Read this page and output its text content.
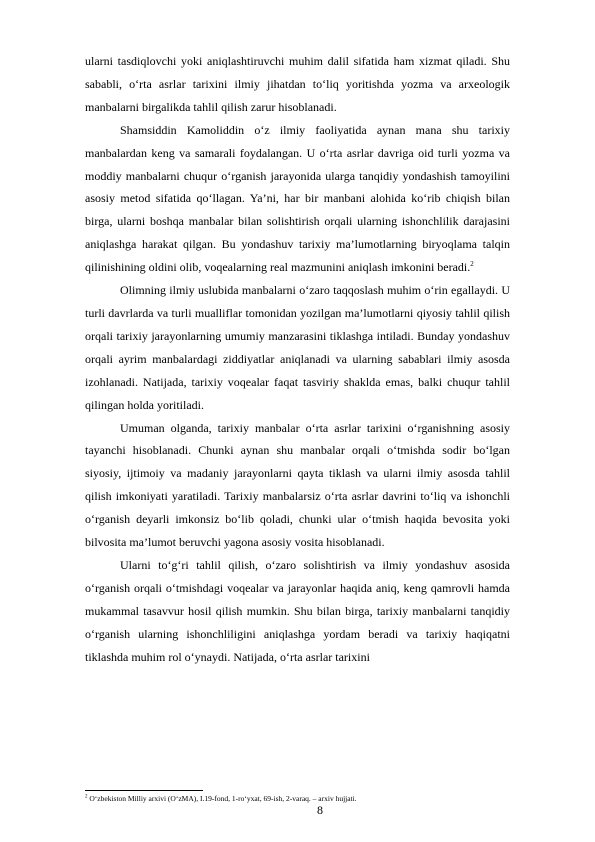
ularni tasdiqlovchi yoki aniqlashtiruvchi muhim dalil sifatida ham xizmat qiladi. Shu sababli, o‘rta asrlar tarixini ilmiy jihatdan to‘liq yoritishda yozma va arxeologik manbalarni birgalikda tahlil qilish zarur hisoblanadi.

Shamsiddin Kamoliddin o‘z ilmiy faoliyatida aynan mana shu tarixiy manbalardan keng va samarali foydalangan. U o‘rta asrlar davriga oid turli yozma va moddiy manbalarni chuqur o‘rganish jarayonida ularga tanqidiy yondashish tamoyilini asosiy metod sifatida qo‘llagan. Ya’ni, har bir manbani alohida ko‘rib chiqish bilan birga, ularni boshqa manbalar bilan solishtirish orqali ularning ishonchlilik darajasini aniqlashga harakat qilgan. Bu yondashuv tarixiy ma’lumotlarning biryoqlama talqin qilinishining oldini olib, voqealarning real mazmunini aniqlash imkonini beradi.$^2$

Olimning ilmiy uslubida manbalarni o‘zaro taqqoslash muhim o‘rin egallaydi. U turli davrlarda va turli mualliflar tomonidan yozilgan ma’lumotlarni qiyosiy tahlil qilish orqali tarixiy jarayonlarning umumiy manzarasini tiklashga intiladi. Bunday yondashuv orqali ayrim manbalardagi ziddiyatlar aniqlanadi va ularning sabablari ilmiy asosda izohlanadi. Natijada, tarixiy voqealar faqat tasviriy shaklda emas, balki chuqur tahlil qilingan holda yoritiladi.

Umuman olganda, tarixiy manbalar o‘rta asrlar tarixini o‘rganishning asosiy tayanchi hisoblanadi. Chunki aynan shu manbalar orqali o‘tmishda sodir bo‘lgan siyosiy, ijtimoiy va madaniy jarayonlarni qayta tiklash va ularni ilmiy asosda tahlil qilish imkoniyati yaratiladi. Tarixiy manbalarsiz o‘rta asrlar davrini to‘liq va ishonchli o‘rganish deyarli imkonsiz bo‘lib qoladi, chunki ular o‘tmish haqida bevosita yoki bilvosita ma’lumot beruvchi yagona asosiy vosita hisoblanadi.

Ularni to‘g‘ri tahlil qilish, o‘zaro solishtirish va ilmiy yondashuv asosida o‘rganish orqali o‘tmishdagi voqealar va jarayonlar haqida aniq, keng qamrovli hamda mukammal tasavvur hosil qilish mumkin. Shu bilan birga, tarixiy manbalarni tanqidiy o‘rganish ularning ishonchliligini aniqlashga yordam beradi va tarixiy haqiqatni tiklashda muhim rol o‘ynaydi. Natijada, o‘rta asrlar tarixini

$^2$ O‘zbekiston Milliy arxivi (O‘zMA), I.19-fond, 1-ro‘yxat, 69-ish, 2-varaq. – arxiv hujjati.

8
